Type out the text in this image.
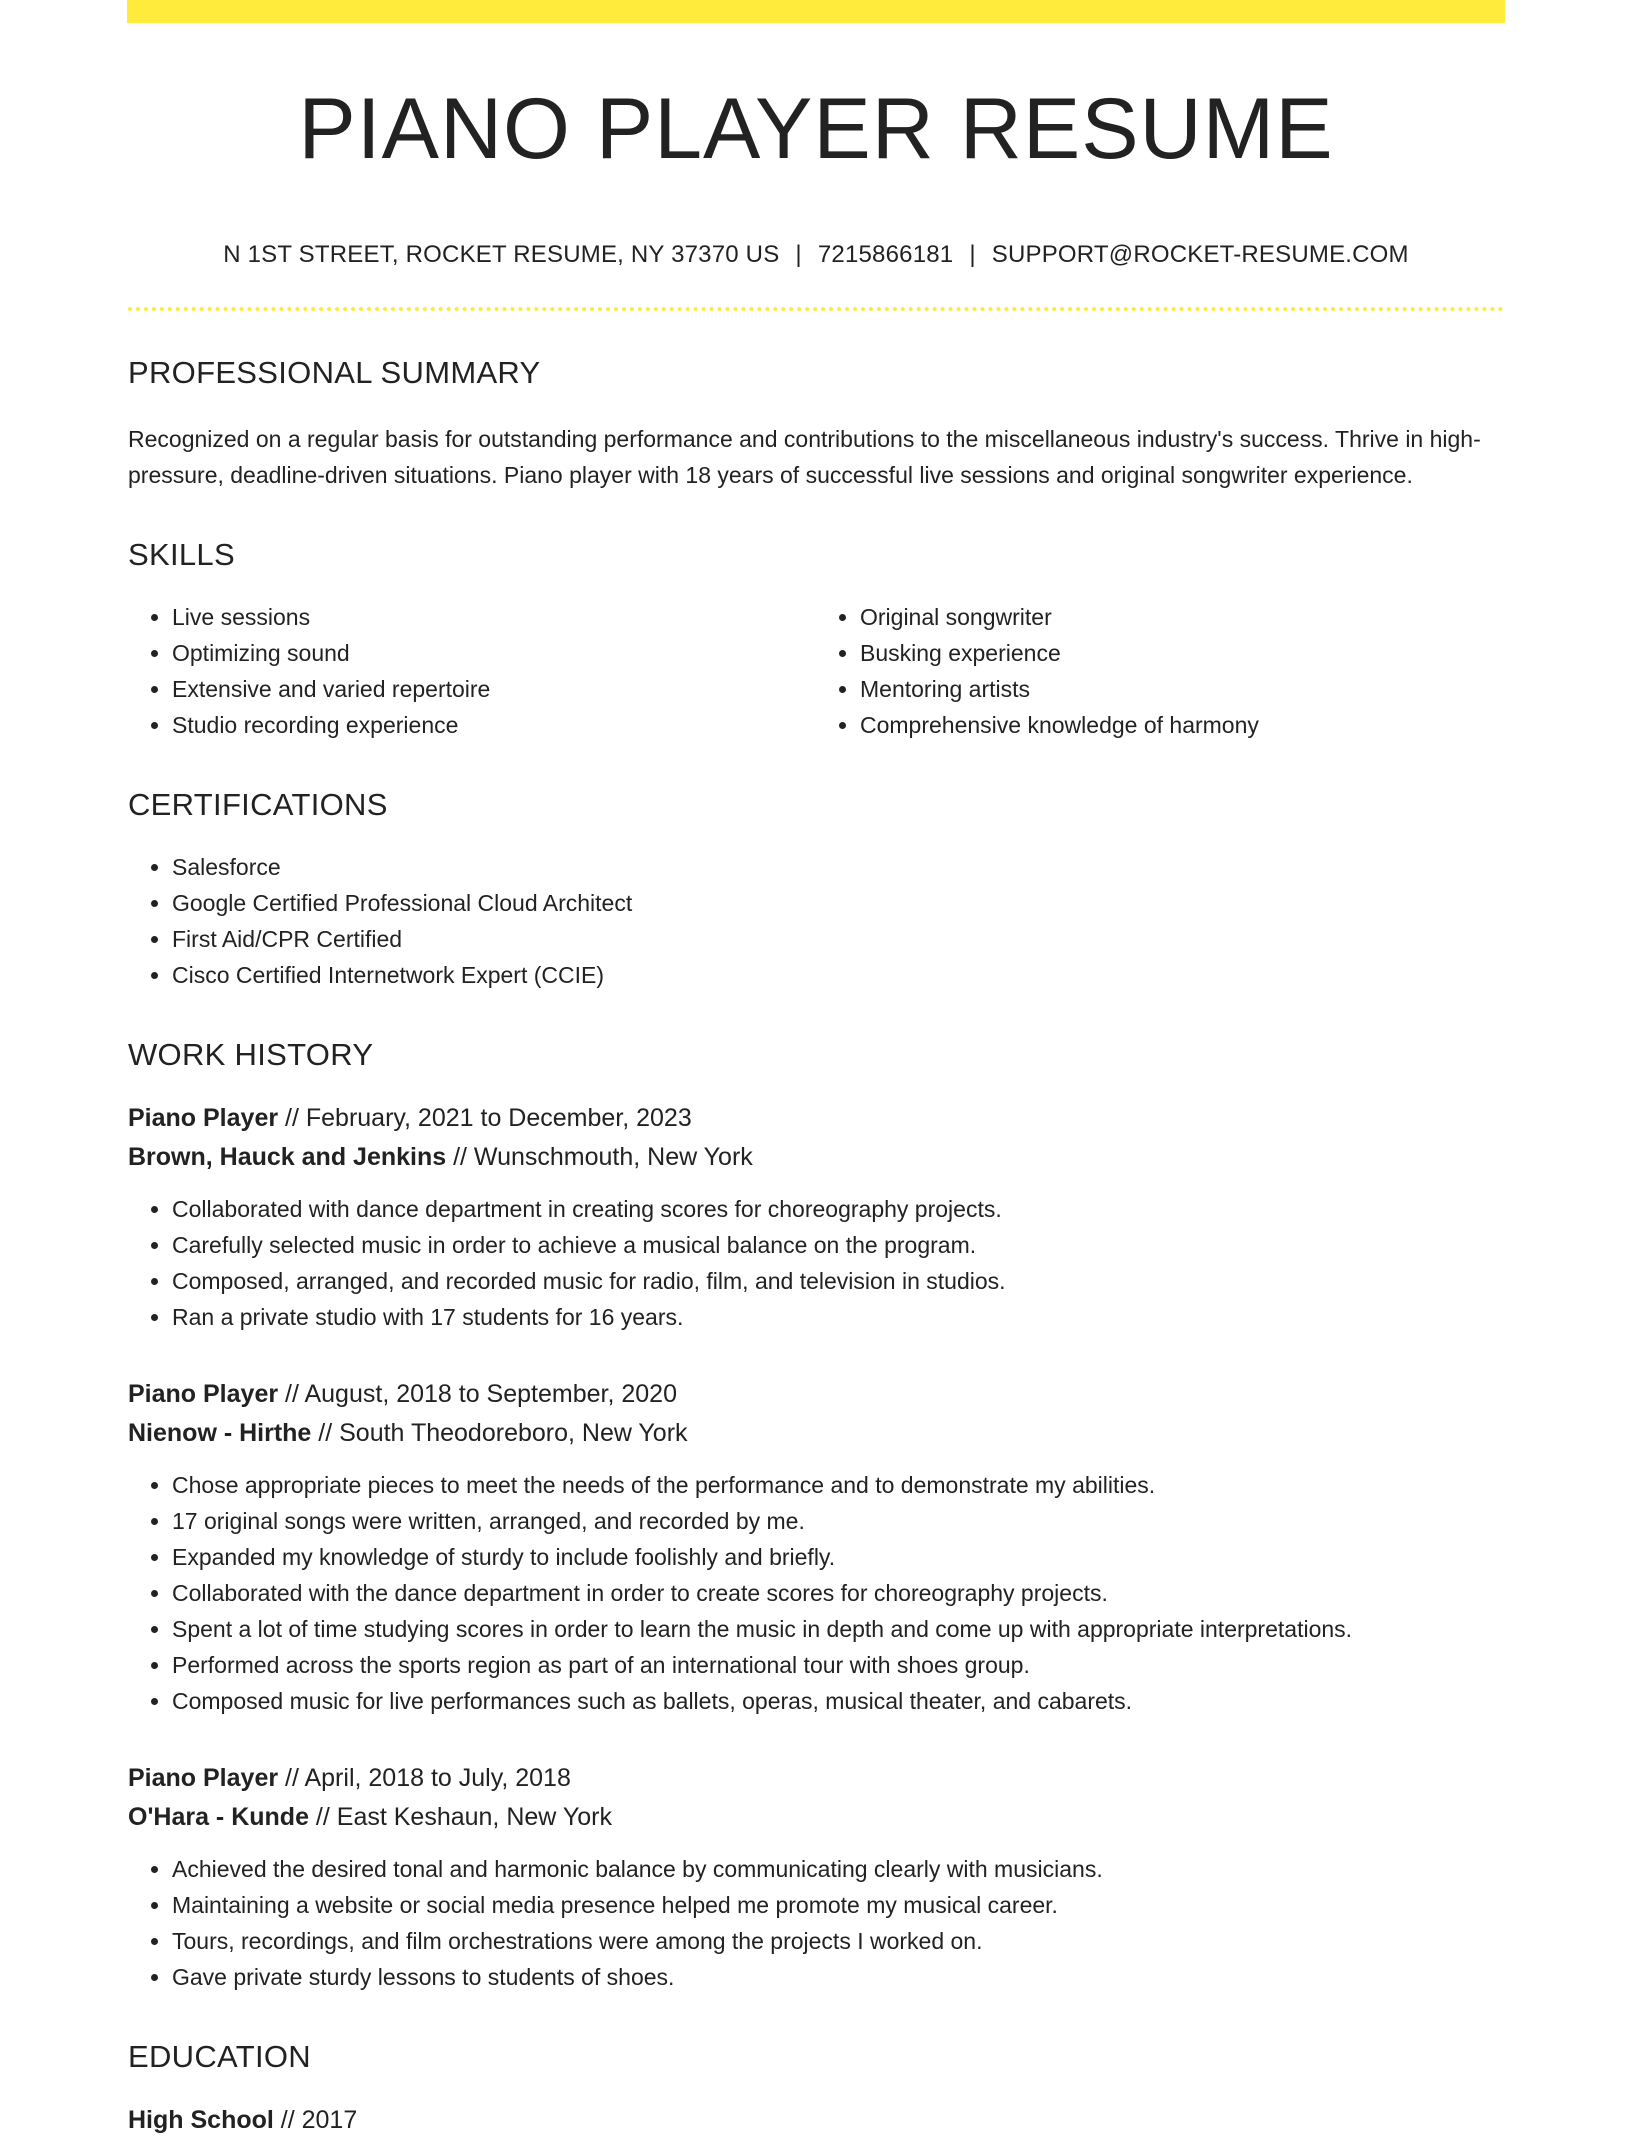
PIANO PLAYER RESUME
N 1ST STREET, ROCKET RESUME, NY 37370 US | 7215866181 | SUPPORT@ROCKET-RESUME.COM
PROFESSIONAL SUMMARY

Recognized on a regular basis for outstanding performance and contributions to the miscellaneous industry's success. Thrive in high-pressure, deadline-driven situations. Piano player with 18 years of successful live sessions and original songwriter experience.

SKILLS
• Live sessions
• Optimizing sound
• Extensive and varied repertoire
• Studio recording experience
• Original songwriter
• Busking experience
• Mentoring artists
• Comprehensive knowledge of harmony
CERTIFICATIONS
• Salesforce
• Google Certified Professional Cloud Architect
• First Aid/CPR Certified
• Cisco Certified Internetwork Expert (CCIE)
WORK HISTORY
Piano Player // February, 2021 to December, 2023
Brown, Hauck and Jenkins // Wunschmouth, New York
• Collaborated with dance department in creating scores for choreography projects.
• Carefully selected music in order to achieve a musical balance on the program.
• Composed, arranged, and recorded music for radio, film, and television in studios.
• Ran a private studio with 17 students for 16 years.
Piano Player // August, 2018 to September, 2020
Nienow - Hirthe // South Theodoreboro, New York
• Chose appropriate pieces to meet the needs of the performance and to demonstrate my abilities.
• 17 original songs were written, arranged, and recorded by me.
• Expanded my knowledge of sturdy to include foolishly and briefly.
• Collaborated with the dance department in order to create scores for choreography projects.
• Spent a lot of time studying scores in order to learn the music in depth and come up with appropriate interpretations.
• Performed across the sports region as part of an international tour with shoes group.
• Composed music for live performances such as ballets, operas, musical theater, and cabarets.
Piano Player // April, 2018 to July, 2018
O'Hara - Kunde // East Keshaun, New York
• Achieved the desired tonal and harmonic balance by communicating clearly with musicians.
• Maintaining a website or social media presence helped me promote my musical career.
• Tours, recordings, and film orchestrations were among the projects I worked on.
• Gave private sturdy lessons to students of shoes.
EDUCATION
High School // 2017
